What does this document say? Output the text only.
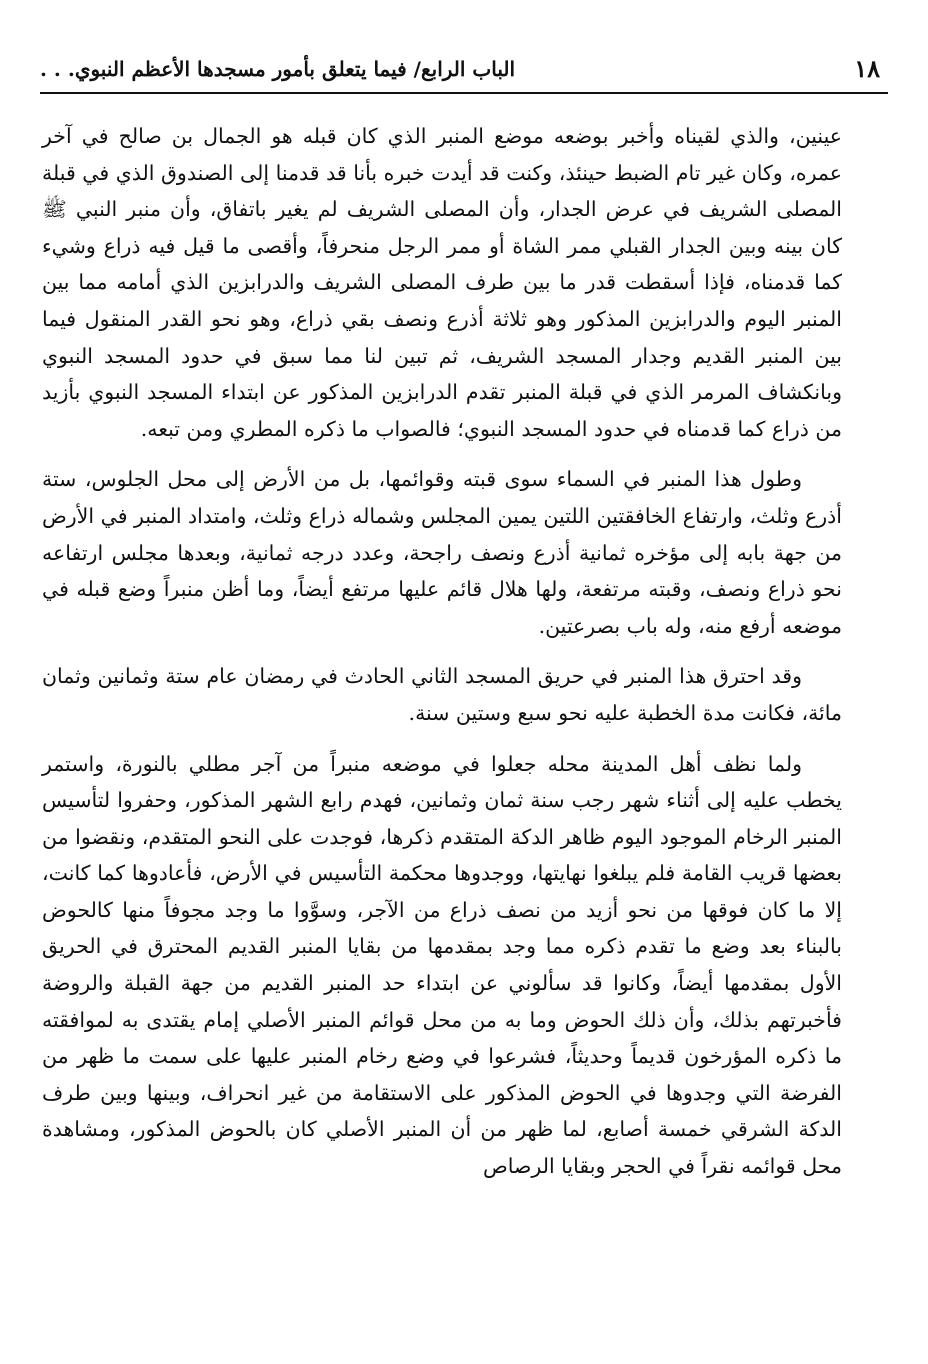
١٨
الباب الرابع/ فيما يتعلق بأمور مسجدها الأعظم النبوي. . .

عينين، والذي لقيناه وأخبر بوضعه موضع المنبر الذي كان قبله هو الجمال بن صالح في آخر عمره، وكان غير تام الضبط حينئذ، وكنت قد أيدت خبره بأنا قد قدمنا إلى الصندوق الذي في قبلة المصلى الشريف في عرض الجدار، وأن المصلى الشريف لم يغير باتفاق، وأن منبر النبي ﷺ كان بينه وبين الجدار القبلي ممر الشاة أو ممر الرجل منحرفاً، وأقصى ما قيل فيه ذراع وشيء كما قدمناه، فإذا أسقطت قدر ما بين طرف المصلى الشريف والدرابزين الذي أمامه مما بين المنبر اليوم والدرابزين المذكور وهو ثلاثة أذرع ونصف بقي ذراع، وهو نحو القدر المنقول فيما بين المنبر القديم وجدار المسجد الشريف، ثم تبين لنا مما سبق في حدود المسجد النبوي وبانكشاف المرمر الذي في قبلة المنبر تقدم الدرابزين المذكور عن ابتداء المسجد النبوي بأزيد من ذراع كما قدمناه في حدود المسجد النبوي؛ فالصواب ما ذكره المطري ومن تبعه.

وطول هذا المنبر في السماء سوى قبته وقوائمها، بل من الأرض إلى محل الجلوس، ستة أذرع وثلث، وارتفاع الخافقتين اللتين يمين المجلس وشماله ذراع وثلث، وامتداد المنبر في الأرض من جهة بابه إلى مؤخره ثمانية أذرع ونصف راجحة، وعدد درجه ثمانية، وبعدها مجلس ارتفاعه نحو ذراع ونصف، وقبته مرتفعة، ولها هلال قائم عليها مرتفع أيضاً، وما أظن منبراً وضع قبله في موضعه أرفع منه، وله باب بصرعتين.

وقد احترق هذا المنبر في حريق المسجد الثاني الحادث في رمضان عام ستة وثمانين وثمان مائة، فكانت مدة الخطبة عليه نحو سبع وستين سنة.

ولما نظف أهل المدينة محله جعلوا في موضعه منبراً من آجر مطلي بالنورة، واستمر يخطب عليه إلى أثناء شهر رجب سنة ثمان وثمانين، فهدم رابع الشهر المذكور، وحفروا لتأسيس المنبر الرخام الموجود اليوم ظاهر الدكة المتقدم ذكرها، فوجدت على النحو المتقدم، ونقضوا من بعضها قريب القامة فلم يبلغوا نهايتها، ووجدوها محكمة التأسيس في الأرض، فأعادوها كما كانت، إلا ما كان فوقها من نحو أزيد من نصف ذراع من الآجر، وسوَّوا ما وجد مجوفاً منها كالحوض بالبناء بعد وضع ما تقدم ذكره مما وجد بمقدمها من بقايا المنبر القديم المحترق في الحريق الأول بمقدمها أيضاً، وكانوا قد سألوني عن ابتداء حد المنبر القديم من جهة القبلة والروضة فأخبرتهم بذلك، وأن ذلك الحوض وما به من محل قوائم المنبر الأصلي إمام يقتدى به لموافقته ما ذكره المؤرخون قديماً وحديثاً، فشرعوا في وضع رخام المنبر عليها على سمت ما ظهر من الفرضة التي وجدوها في الحوض المذكور على الاستقامة من غير انحراف، وبينها وبين طرف الدكة الشرقي خمسة أصابع، لما ظهر من أن المنبر الأصلي كان بالحوض المذكور، ومشاهدة محل قوائمه نقراً في الحجر وبقايا الرصاص
